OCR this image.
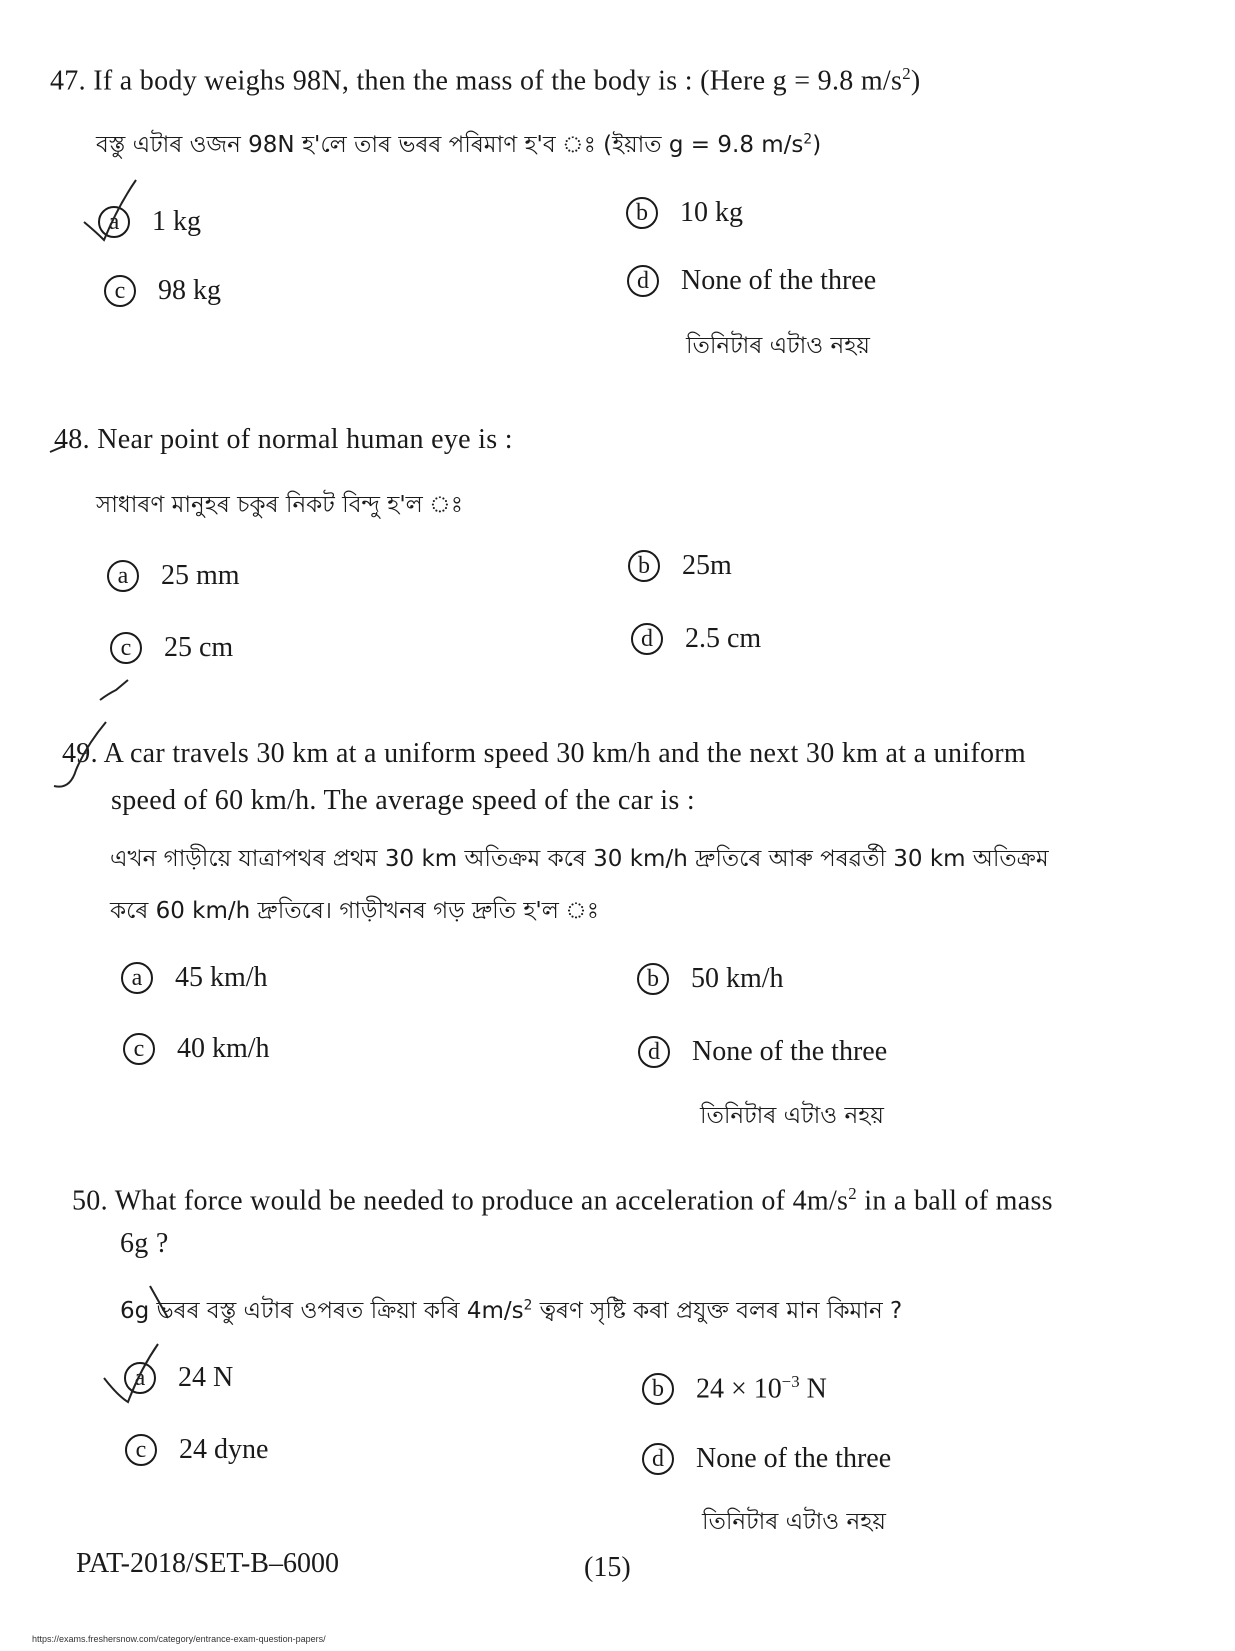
47. If a body weighs 98N, then the mass of the body is : (Here g = 9.8 $m/s^2$)
বস্তু এটাৰ ওজন 98N হ'লে তাৰ ভৰৰ পৰিমাণ হ'ব ঃ (ইয়াত g = 9.8 $m/s^2$)
a	1 kg	b	10 kg
c	98 kg	d	None of the three
তিনিটাৰ এটাও নহয়
48. Near point of normal human eye is :
সাধাৰণ মানুহৰ চকুৰ নিকট বিন্দু হ'ল ঃ
a	25 mm	b	25m
c	25 cm	d	2.5 cm
49. A car travels 30 km at a uniform speed 30 km/h and the next 30 km at a uniform
speed of 60 km/h. The average speed of the car is :
এখন গাড়ীয়ে যাত্ৰাপথৰ প্ৰথম 30 km অতিক্ৰম কৰে 30 km/h দ্ৰুতিৰে আৰু পৰৱৰ্তী 30 km অতিক্ৰম
কৰে 60 km/h দ্ৰুতিৰে। গাড়ীখনৰ গড় দ্ৰুতি হ'ল ঃ
a	45 km/h	b	50 km/h
c	40 km/h	d	None of the three
তিনিটাৰ এটাও নহয়
50. What force would be needed to produce an acceleration of $4m/s^2$ in a ball of mass
6g ?
6g ভৰৰ বস্তু এটাৰ ওপৰত ক্ৰিয়া কৰি $4m/s^2$ ত্বৰণ সৃষ্টি কৰা প্ৰযুক্ত বলৰ মান কিমান ?
a	24 N	b	$24 \times 10^{-3}$ N
c	24 dyne	d	None of the three
তিনিটাৰ এটাও নহয়
PAT-2018/SET-B–6000	(15)
https://exams.freshersnow.com/category/entrance-exam-question-papers/
